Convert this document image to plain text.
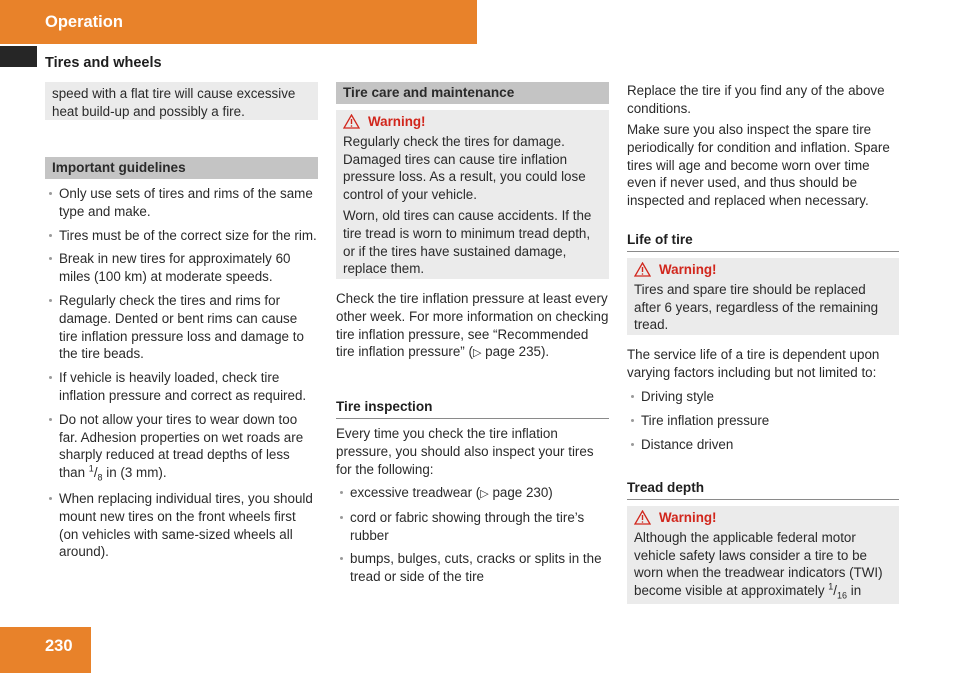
Operation
Tires and wheels

speed with a flat tire will cause excessive heat build-up and possibly a fire.

Important guidelines
Only use sets of tires and rims of the same type and make.
Tires must be of the correct size for the rim.
Break in new tires for approximately 60 miles (100 km) at moderate speeds.
Regularly check the tires and rims for damage. Dented or bent rims can cause tire inflation pressure loss and damage to the tire beads.
If vehicle is heavily loaded, check tire inflation pressure and correct as required.
Do not allow your tires to wear down too far. Adhesion properties on wet roads are sharply reduced at tread depths of less than $^1/_8$ in (3 mm).
When replacing individual tires, you should mount new tires on the front wheels first (on vehicles with same-sized wheels all around).
Tire care and maintenance
Warning!

Regularly check the tires for damage. Damaged tires can cause tire inflation pressure loss. As a result, you could lose control of your vehicle.

Worn, old tires can cause accidents. If the tire tread is worn to minimum tread depth, or if the tires have sustained damage, replace them.

Check the tire inflation pressure at least every other week. For more information on checking tire inflation pressure, see “Recommended tire inflation pressure” (▷ page 235).

Tire inspection

Every time you check the tire inflation pressure, you should also inspect your tires for the following:

excessive treadwear (▷ page 230)
cord or fabric showing through the tire’s rubber
bumps, bulges, cuts, cracks or splits in the tread or side of the tire

Replace the tire if you find any of the above conditions.

Make sure you also inspect the spare tire periodically for condition and inflation. Spare tires will age and become worn over time even if never used, and thus should be inspected and replaced when necessary.

Life of tire
Warning!

Tires and spare tire should be replaced after 6 years, regardless of the remaining tread.

The service life of a tire is dependent upon varying factors including but not limited to:

Driving style
Tire inflation pressure
Distance driven
Tread depth
Warning!

Although the applicable federal motor vehicle safety laws consider a tire to be worn when the treadwear indicators (TWI) become visible at approximately $^1/_{16}$ in

230
